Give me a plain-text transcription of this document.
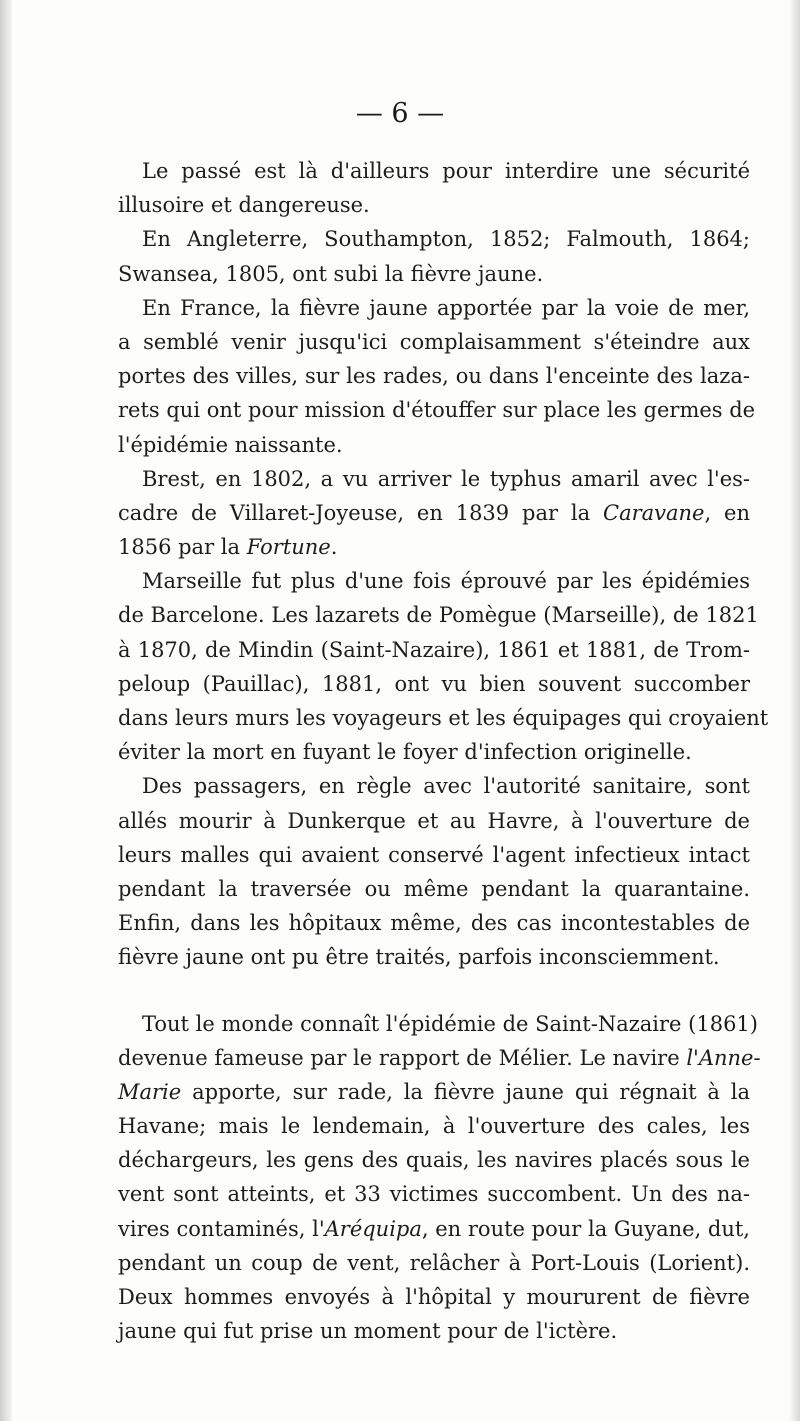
— 6 —
Le passé est là d'ailleurs pour interdire une sécurité
illusoire et dangereuse.
En Angleterre, Southampton, 1852; Falmouth, 1864;
Swansea, 1805, ont subi la fièvre jaune.
En France, la fièvre jaune apportée par la voie de mer,
a semblé venir jusqu'ici complaisamment s'éteindre aux
portes des villes, sur les rades, ou dans l'enceinte des laza-
rets qui ont pour mission d'étouffer sur place les germes de
l'épidémie naissante.
Brest, en 1802, a vu arriver le typhus amaril avec l'es-
cadre de Villaret-Joyeuse, en 1839 par la Caravane, en
1856 par la Fortune.
Marseille fut plus d'une fois éprouvé par les épidémies
de Barcelone. Les lazarets de Pomègue (Marseille), de 1821
à 1870, de Mindin (Saint-Nazaire), 1861 et 1881, de Trom-
peloup (Pauillac), 1881, ont vu bien souvent succomber
dans leurs murs les voyageurs et les équipages qui croyaient
éviter la mort en fuyant le foyer d'infection originelle.
Des passagers, en règle avec l'autorité sanitaire, sont
allés mourir à Dunkerque et au Havre, à l'ouverture de
leurs malles qui avaient conservé l'agent infectieux intact
pendant la traversée ou même pendant la quarantaine.
Enfin, dans les hôpitaux même, des cas incontestables de
fièvre jaune ont pu être traités, parfois inconsciemment.
Tout le monde connaît l'épidémie de Saint-Nazaire (1861)
devenue fameuse par le rapport de Mélier. Le navire l'Anne-
Marie apporte, sur rade, la fièvre jaune qui régnait à la
Havane; mais le lendemain, à l'ouverture des cales, les
déchargeurs, les gens des quais, les navires placés sous le
vent sont atteints, et 33 victimes succombent. Un des na-
vires contaminés, l'Aréquipa, en route pour la Guyane, dut,
pendant un coup de vent, relâcher à Port-Louis (Lorient).
Deux hommes envoyés à l'hôpital y moururent de fièvre
jaune qui fut prise un moment pour de l'ictère.
